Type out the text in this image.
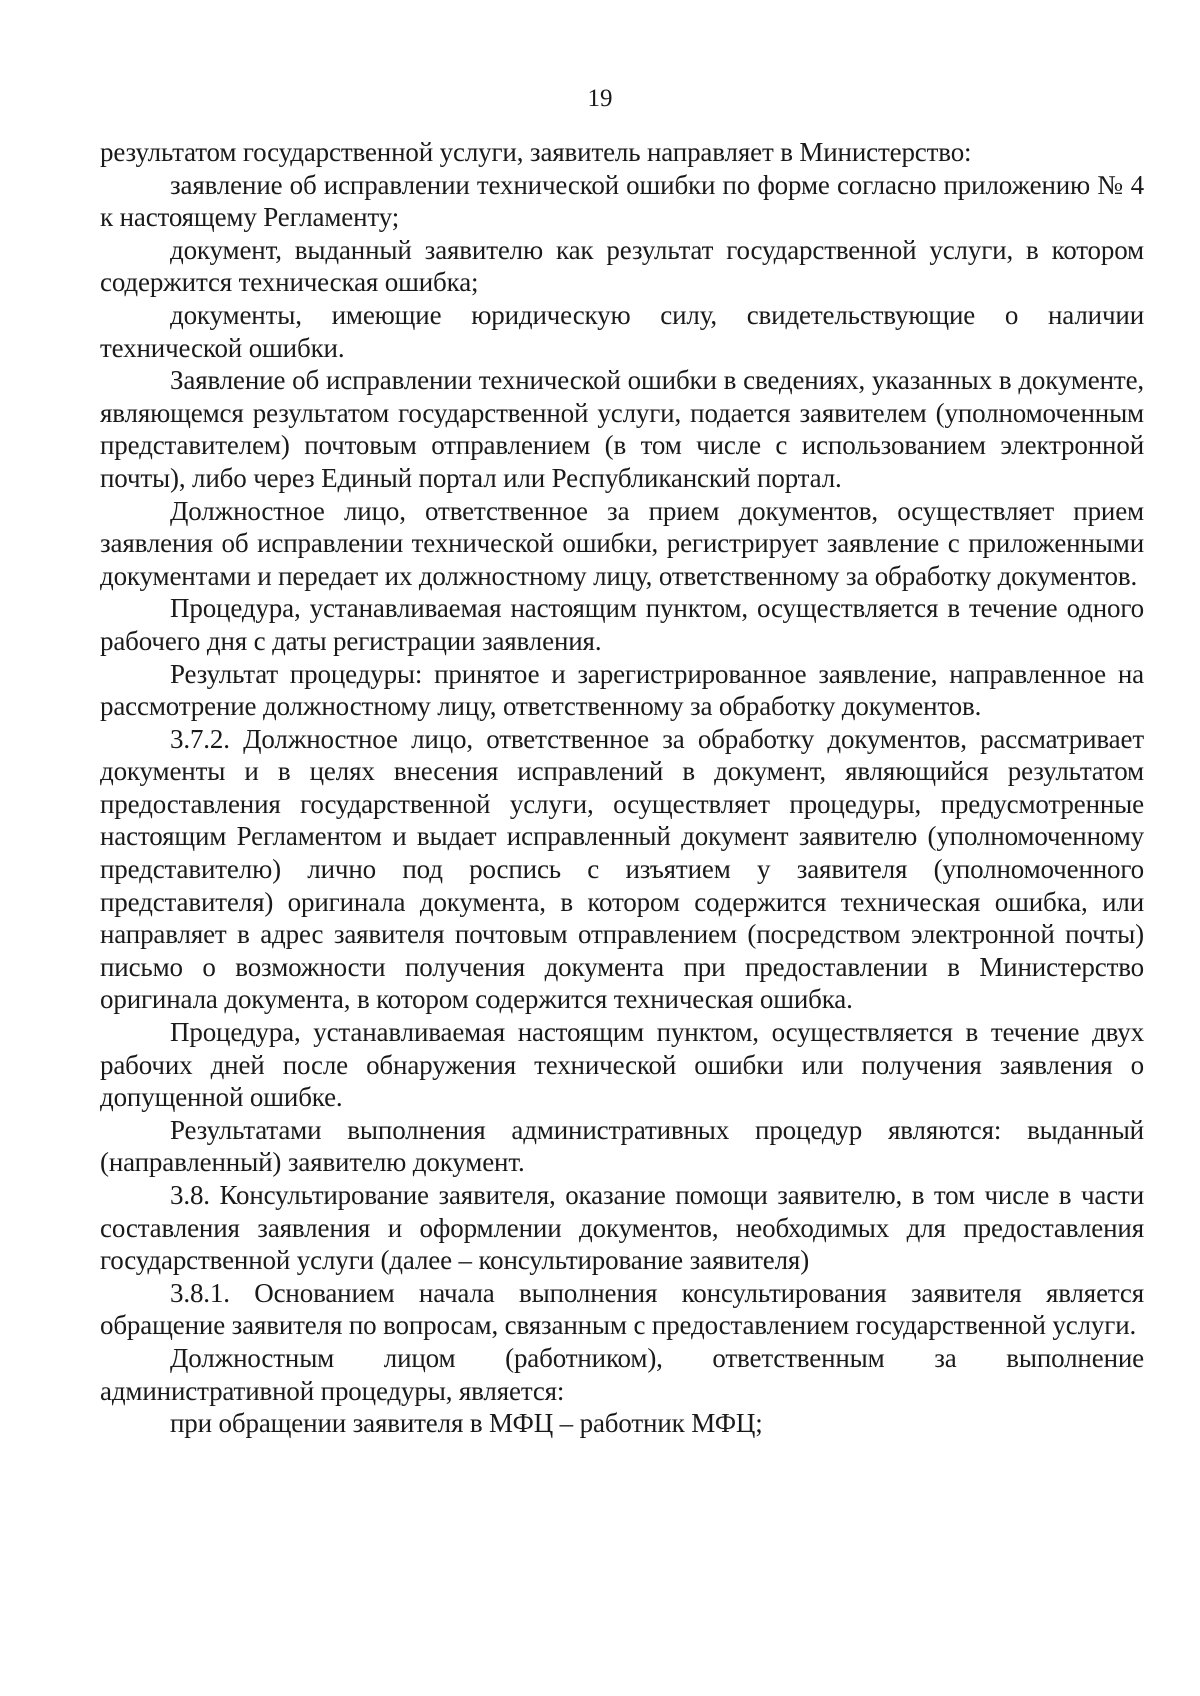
19

результатом государственной услуги, заявитель направляет в Министерство:

заявление об исправлении технической ошибки по форме согласно приложению № 4 к настоящему Регламенту;

документ, выданный заявителю как результат государственной услуги, в котором содержится техническая ошибка;

документы, имеющие юридическую силу, свидетельствующие о наличии технической ошибки.

Заявление об исправлении технической ошибки в сведениях, указанных в документе, являющемся результатом государственной услуги, подается заявителем (уполномоченным представителем) почтовым отправлением (в том числе с использованием электронной почты), либо через Единый портал или Республиканский портал.

Должностное лицо, ответственное за прием документов, осуществляет прием заявления об исправлении технической ошибки, регистрирует заявление с приложенными документами и передает их должностному лицу, ответственному за обработку документов.

Процедура, устанавливаемая настоящим пунктом, осуществляется в течение одного рабочего дня с даты регистрации заявления.

Результат процедуры: принятое и зарегистрированное заявление, направленное на рассмотрение должностному лицу, ответственному за обработку документов.

3.7.2. Должностное лицо, ответственное за обработку документов, рассматривает документы и в целях внесения исправлений в документ, являющийся результатом предоставления государственной услуги, осуществляет процедуры, предусмотренные настоящим Регламентом и выдает исправленный документ заявителю (уполномоченному представителю) лично под роспись с изъятием у заявителя (уполномоченного представителя) оригинала документа, в котором содержится техническая ошибка, или направляет в адрес заявителя почтовым отправлением (посредством электронной почты) письмо о возможности получения документа при предоставлении в Министерство оригинала документа, в котором содержится техническая ошибка.

Процедура, устанавливаемая настоящим пунктом, осуществляется в течение двух рабочих дней после обнаружения технической ошибки или получения заявления о допущенной ошибке.

Результатами выполнения административных процедур являются: выданный (направленный) заявителю документ.

3.8. Консультирование заявителя, оказание помощи заявителю, в том числе в части составления заявления и оформлении документов, необходимых для предоставления государственной услуги (далее – консультирование заявителя)

3.8.1. Основанием начала выполнения консультирования заявителя является обращение заявителя по вопросам, связанным с предоставлением государственной услуги.

Должностным лицом (работником), ответственным за выполнение административной процедуры, является:

при обращении заявителя в МФЦ – работник МФЦ;
